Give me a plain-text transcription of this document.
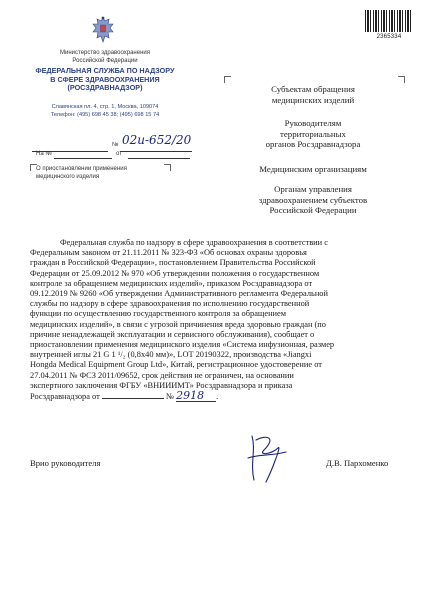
2365334
Министерство здравоохранения
Российской Федерации
ФЕДЕРАЛЬНАЯ СЛУЖБА ПО НАДЗОРУ
В СФЕРЕ ЗДРАВООХРАНЕНИЯ
(РОСЗДРАВНАДЗОР)
Славянская пл. 4, стр. 1, Москва, 109074
Телефон: (495) 698 45 38; (495) 698 15 74
№ 02и-652/20
На №	от
О приостановлении применения
медицинского изделия
Субъектам обращения
медицинских изделий
Руководителям
территориальных
органов Росздравнадзора
Медицинским организациям
Органам управления
здравоохранением субъектов
Российской Федерации
Федеральная служба по надзору в сфере здравоохранения в соответствии с
Федеральным законом от 21.11.2011 № 323-ФЗ «Об основах охраны здоровья
граждан в Российской Федерации», постановлением Правительства Российской
Федерации от 25.09.2012 № 970 «Об утверждении положения о государственном
контроле за обращением медицинских изделий», приказом Росздравнадзора от
09.12.2019 № 9260 «Об утверждении Административного регламента Федеральной
службы по надзору в сфере здравоохранения по исполнению государственной
функции по осуществлению государственного контроля за обращением
медицинских изделий», в связи с угрозой причинения вреда здоровью граждан (по
причине ненадлежащей эксплуатации и сервисного обслуживания), сообщает о
приостановлении применения медицинского изделия «Система инфузионная, размер
внутренней иглы 21 G 1 ¹/₂ (0,8x40 мм)», LOT 20190322, производства «Jiangxi
Hongda Medical Equipment Group Ltd», Китай, регистрационное удостоверение от
27.04.2011 № ФСЗ 2011/09652, срок действия не ограничен, на основании
экспертного заключения ФГБУ «ВНИИИМТ» Росздравнадзора и приказа
Росздравнадзора от	№ 2918 .
Врио руководителя	Д.В. Пархоменко
